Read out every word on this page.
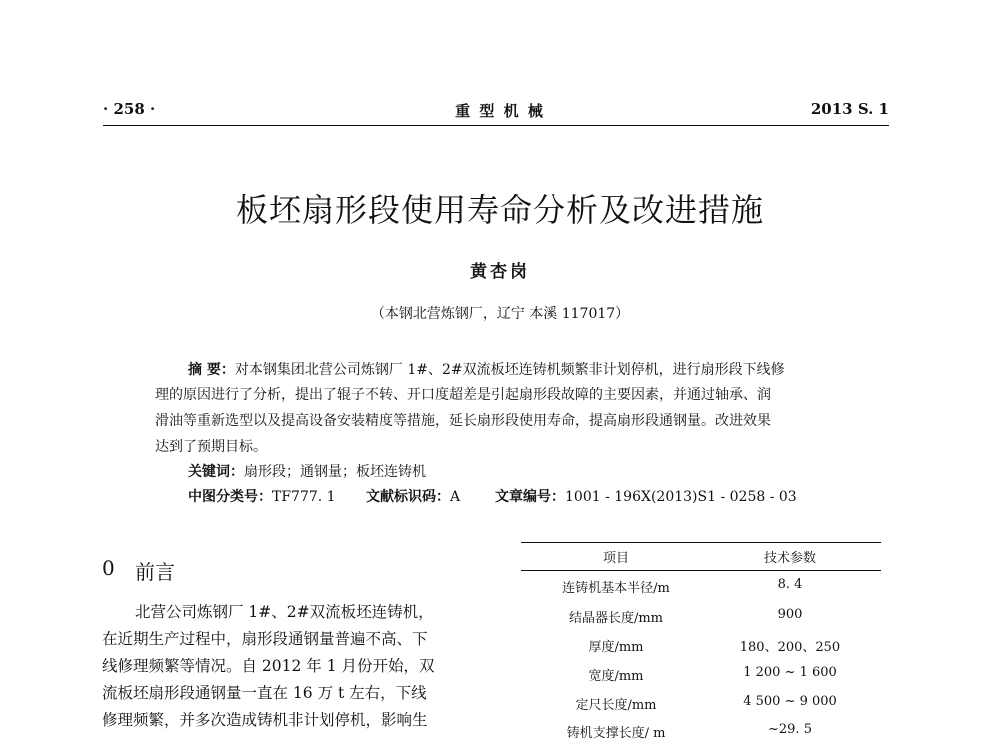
· 258 ·	重 型 机 械	2013 S. 1
板坯扇形段使用寿命分析及改进措施
黄杏岗
（本钢北营炼钢厂，辽宁 本溪 117017）
摘 要：对本钢集团北营公司炼钢厂 1#、2#双流板坯连铸机频繁非计划停机，进行扇形段下线修
理的原因进行了分析，提出了辊子不转、开口度超差是引起扇形段故障的主要因素，并通过轴承、润
滑油等重新选型以及提高设备安装精度等措施，延长扇形段使用寿命，提高扇形段通钢量。改进效果
达到了预期目标。
关键词：扇形段；通钢量；板坯连铸机
中图分类号：TF777. 1 文献标识码：A 文章编号：1001 - 196X(2013)S1 - 0258 - 03
0 前言
北营公司炼钢厂 1#、2#双流板坯连铸机，
在近期生产过程中，扇形段通钢量普遍不高、下
线修理频繁等情况。自 2012 年 1 月份开始，双
流板坯扇形段通钢量一直在 16 万 t 左右，下线
修理频繁，并多次造成铸机非计划停机，影响生
项目	技术参数
连铸机基本半径/m	8. 4
结晶器长度/mm	900
厚度/mm	180、200、250
宽度/mm	1 200 ~ 1 600
定尺长度/mm	4 500 ~ 9 000
铸机支撑长度/ m	~29. 5
